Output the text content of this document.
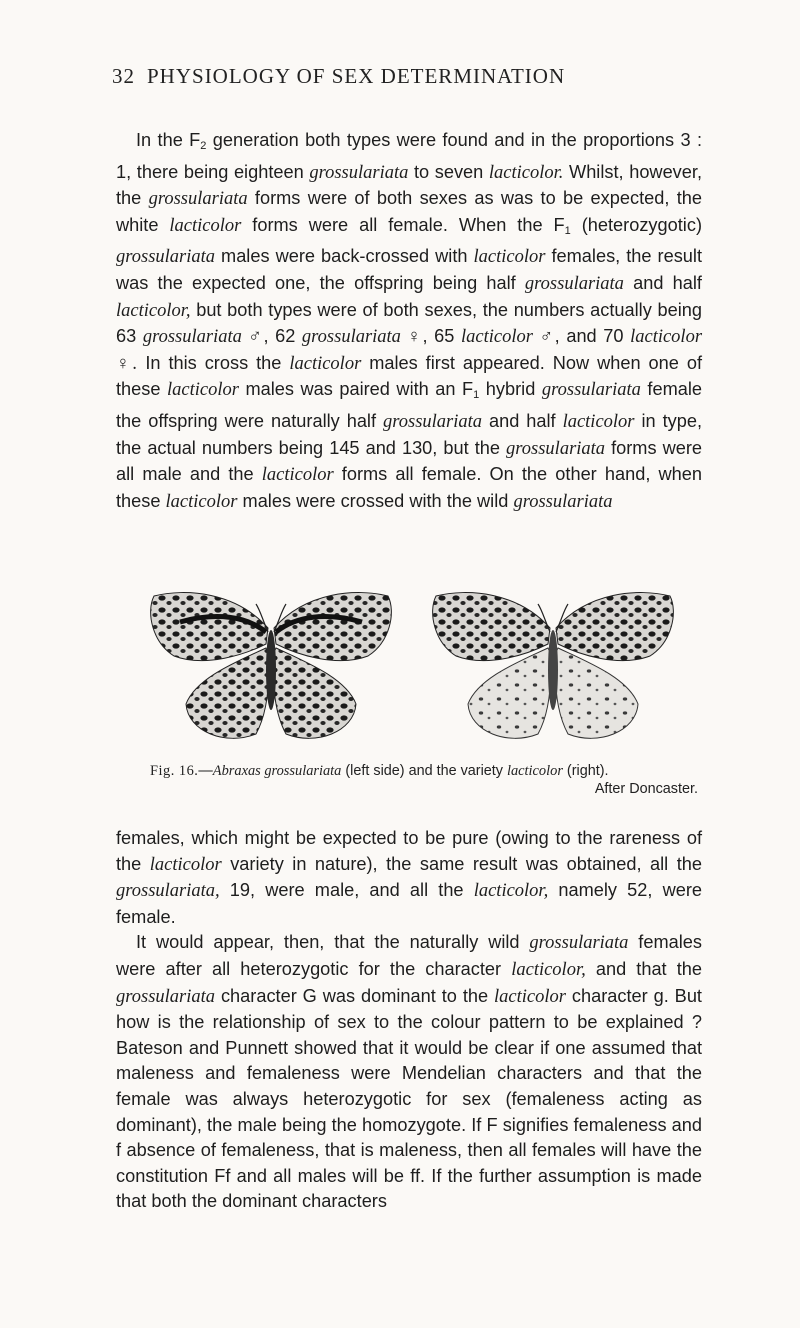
32 PHYSIOLOGY OF SEX DETERMINATION

In the $F_2$ generation both types were found and in the proportions 3 : 1, there being eighteen grossulariata to seven lacticolor. Whilst, however, the grossulariata forms were of both sexes as was to be expected, the white lacticolor forms were all female. When the $F_1$ (heterozygotic) grossulariata males were back-crossed with lacticolor females, the result was the expected one, the offspring being half grossulariata and half lacticolor, but both types were of both sexes, the numbers actually being 63 grossulariata ♂, 62 grossulariata ♀, 65 lacticolor ♂, and 70 lacticolor ♀. In this cross the lacticolor males first appeared. Now when one of these lacticolor males was paired with an $F_1$ hybrid grossulariata female the offspring were naturally half grossulariata and half lacticolor in type, the actual numbers being 145 and 130, but the grossulariata forms were all male and the lacticolor forms all female. On the other hand, when these lacticolor males were crossed with the wild grossulariata

Fig. 16.—Abraxas grossulariata (left side) and the variety lacticolor (right).
After Doncaster.

females, which might be expected to be pure (owing to the rareness of the lacticolor variety in nature), the same result was obtained, all the grossulariata, 19, were male, and all the lacticolor, namely 52, were female.
It would appear, then, that the naturally wild grossulariata females were after all heterozygotic for the character lacticolor, and that the grossulariata character G was dominant to the lacticolor character g. But how is the relationship of sex to the colour pattern to be explained ? Bateson and Punnett showed that it would be clear if one assumed that maleness and femaleness were Mendelian characters and that the female was always heterozygotic for sex (femaleness acting as dominant), the male being the homozygote. If F signifies femaleness and f absence of femaleness, that is maleness, then all females will have the constitution Ff and all males will be ff. If the further assumption is made that both the dominant characters
